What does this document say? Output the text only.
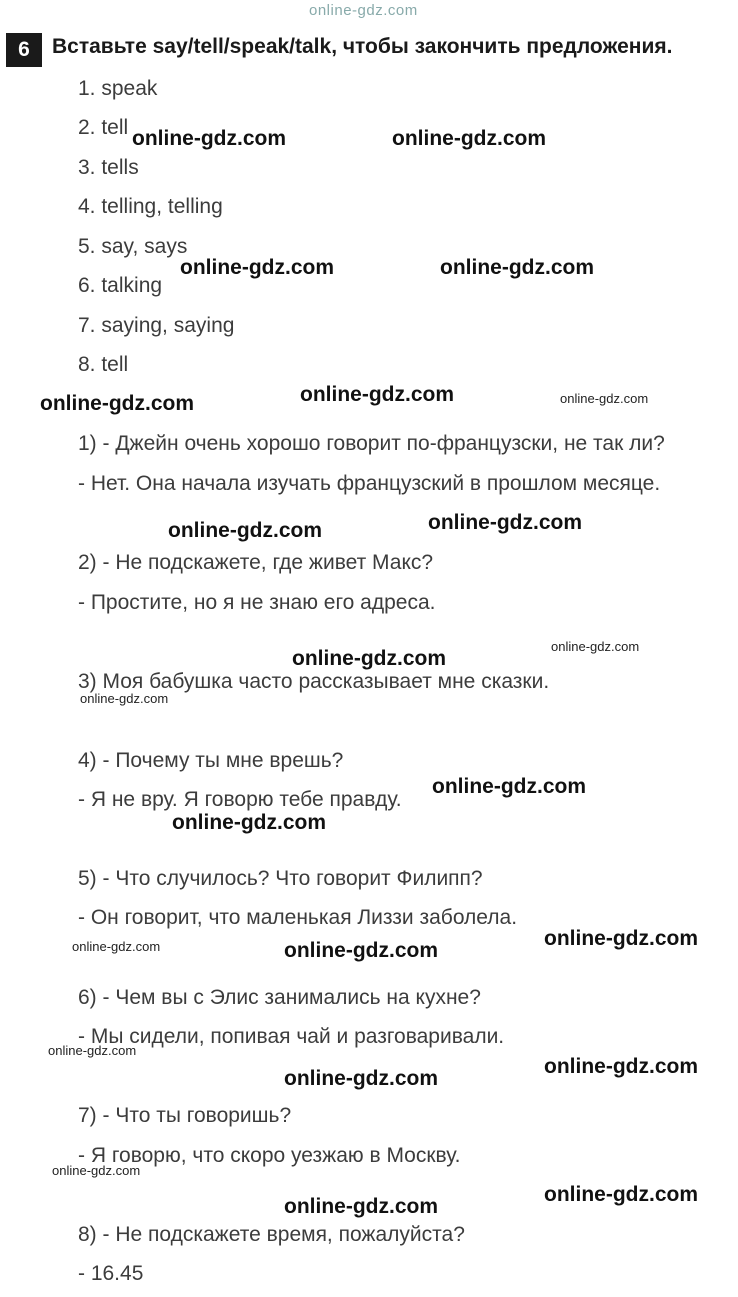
online-gdz.com
6	Вставьте say/tell/speak/talk, чтобы закончить предложения.
1. speak
2. tell
3. tells
4. telling, telling
5. say, says
6. talking
7. saying, saying
8. tell
1) - Джейн очень хорошо говорит по-французски, не так ли?
- Нет. Она начала изучать французский в прошлом месяце.
2) - Не подскажете, где живет Макс?
- Простите, но я не знаю его адреса.
3) Моя бабушка часто рассказывает мне сказки.
4) - Почему ты мне врешь?
- Я не вру. Я говорю тебе правду.
5) - Что случилось? Что говорит Филипп?
- Он говорит, что маленькая Лиззи заболела.
6) - Чем вы с Элис занимались на кухне?
- Мы сидели, попивая чай и разговаривали.
7) - Что ты говоришь?
- Я говорю, что скоро уезжаю в Москву.
8) - Не подскажете время, пожалуйста?
- 16.45
online-gdz.com	online-gdz.com
online-gdz.com	online-gdz.com
online-gdz.com	online-gdz.com
online-gdz.com	online-gdz.com
online-gdz.com
online-gdz.com
online-gdz.com
online-gdz.com
online-gdz.com
online-gdz.com
online-gdz.com
online-gdz.com
online-gdz.com
online-gdz.com
online-gdz.com
online-gdz.com
online-gdz.com
online-gdz.com
online-gdz.com
